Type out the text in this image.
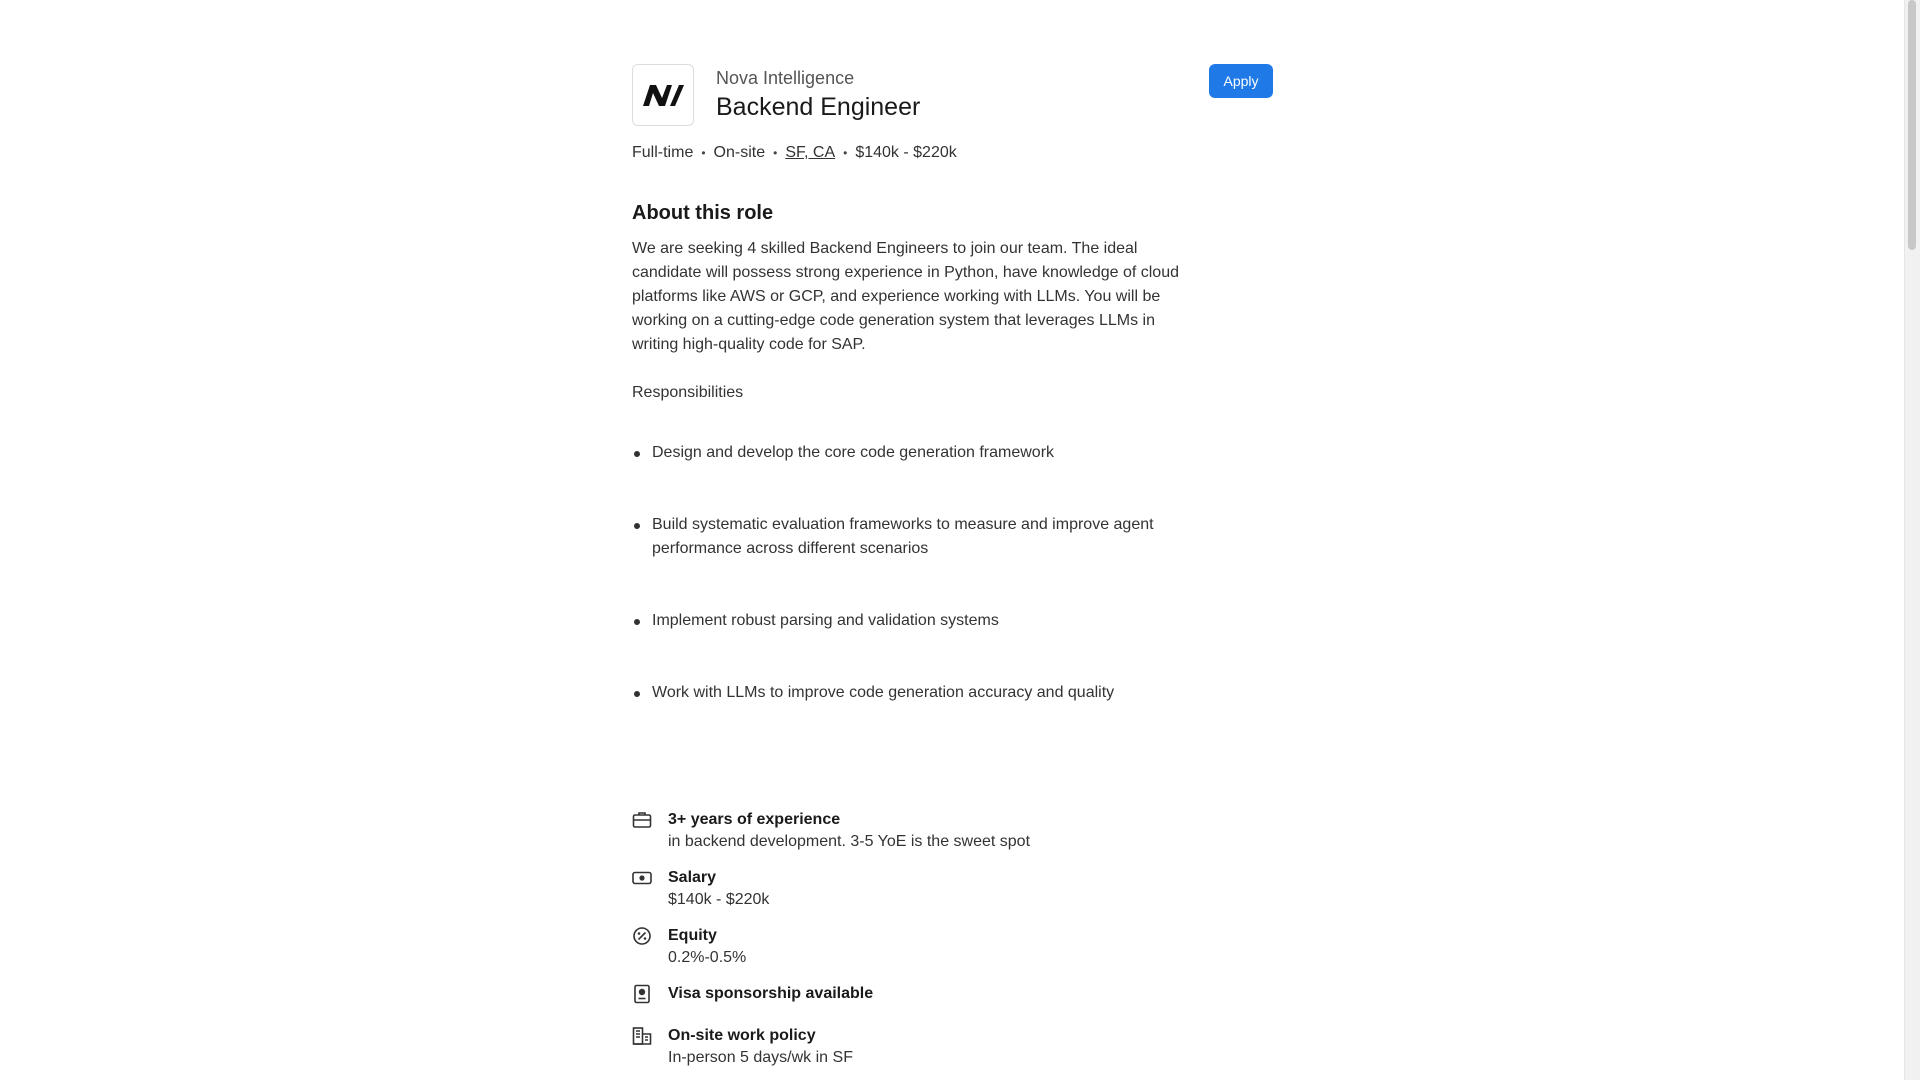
Nova Intelligence
Backend Engineer
Apply
Full-time • On-site • SF, CA • $140k - $220k
About this role
We are seeking 4 skilled Backend Engineers to join our team. The ideal candidate will possess strong experience in Python, have knowledge of cloud platforms like AWS or GCP, and experience working with LLMs. You will be working on a cutting-edge code generation system that leverages LLMs in writing high-quality code for SAP.
Responsibilities
Design and develop the core code generation framework
Build systematic evaluation frameworks to measure and improve agent performance across different scenarios
Implement robust parsing and validation systems
Work with LLMs to improve code generation accuracy and quality
3+ years of experience
in backend development. 3-5 YoE is the sweet spot
Salary
$140k - $220k
Equity
0.2%-0.5%
Visa sponsorship available
On-site work policy
In-person 5 days/wk in SF
